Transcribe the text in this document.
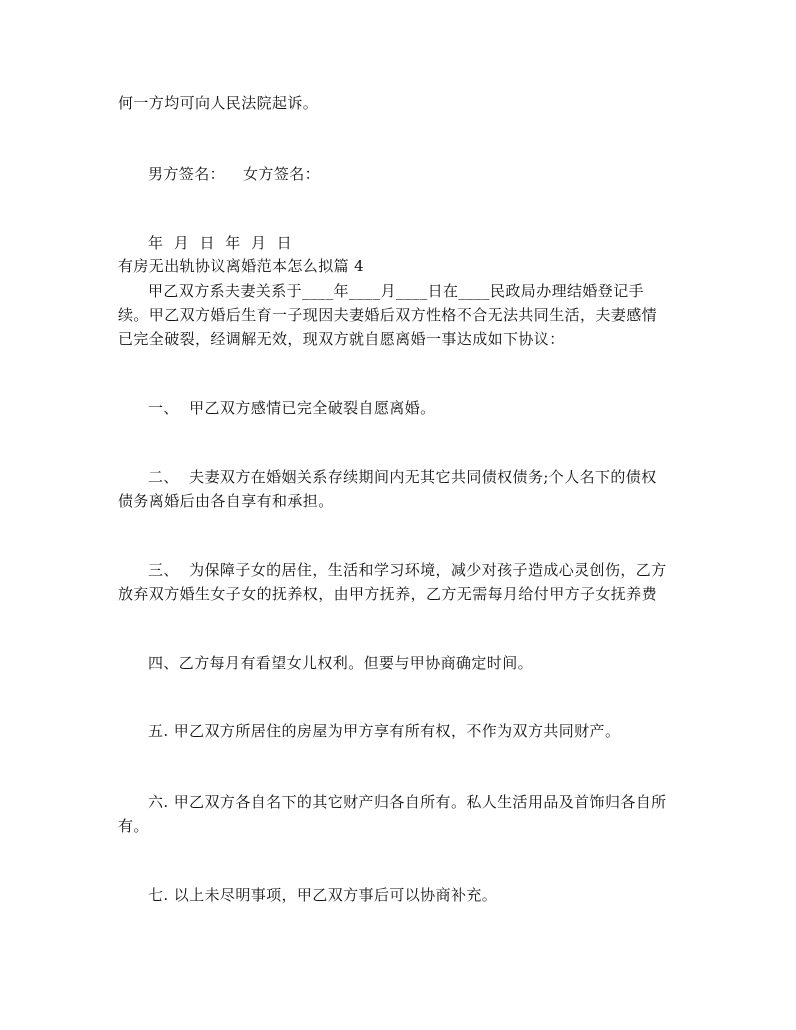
何一方均可向人民法院起诉。
男方签名： 女方签名：
年  月  日  年  月  日
有房无出轨协议离婚范本怎么拟篇 4
甲乙双方系夫妻关系于____年____月____日在____民政局办理结婚登记手
续。甲乙双方婚后生育一子现因夫妻婚后双方性格不合无法共同生活，夫妻感情
已完全破裂，经调解无效，现双方就自愿离婚一事达成如下协议：
一、  甲乙双方感情已完全破裂自愿离婚。
二、  夫妻双方在婚姻关系存续期间内无其它共同债权债务;个人名下的债权
债务离婚后由各自享有和承担。
三、  为保障子女的居住，生活和学习环境，减少对孩子造成心灵创伤，乙方
放弃双方婚生女子女的抚养权，由甲方抚养，乙方无需每月给付甲方子女抚养费
四、乙方每月有看望女儿权利。但要与甲协商确定时间。
五. 甲乙双方所居住的房屋为甲方享有所有权，不作为双方共同财产。
六. 甲乙双方各自名下的其它财产归各自所有。私人生活用品及首饰归各自所
有。
七. 以上未尽明事项，甲乙双方事后可以协商补充。
